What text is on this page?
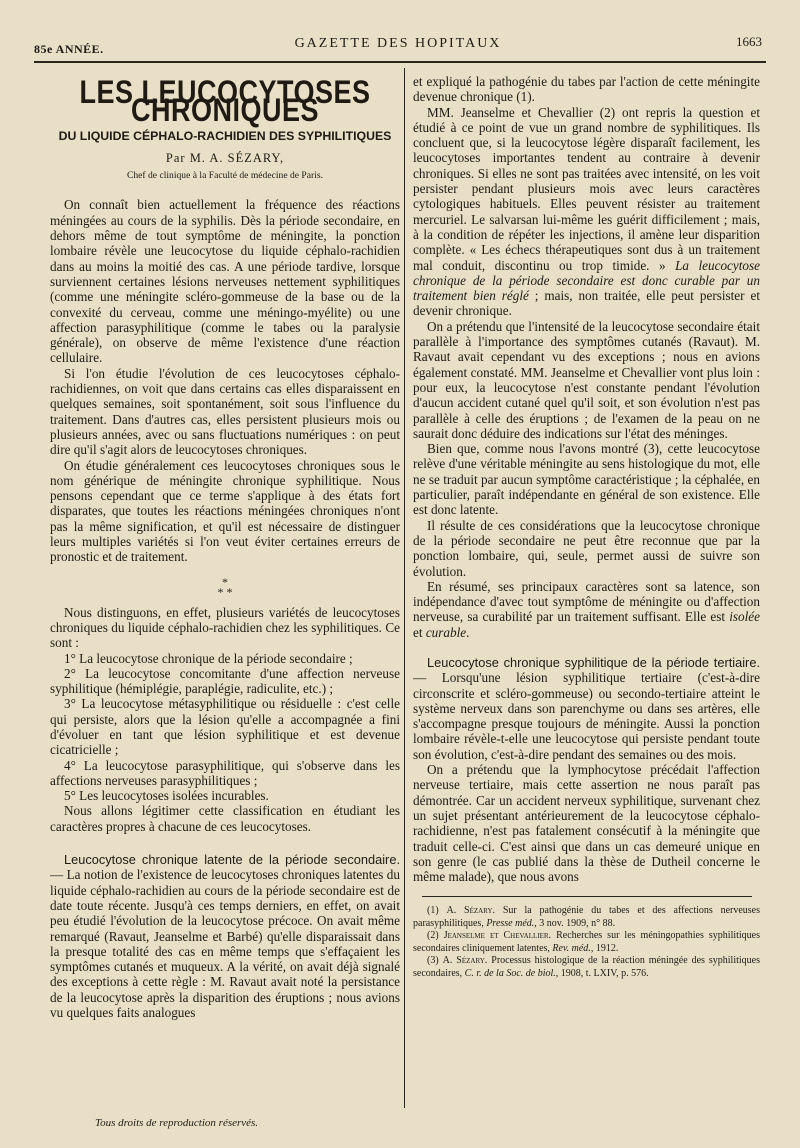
85e ANNÉE.	GAZETTE DES HOPITAUX	1663
LES LEUCOCYTOSES CHRONIQUES
DU LIQUIDE CÉPHALO-RACHIDIEN DES SYPHILITIQUES
Par M. A. SÉZARY,
Chef de clinique à la Faculté de médecine de Paris.

On connaît bien actuellement la fréquence des réactions méningées au cours de la syphilis. Dès la période secondaire, en dehors même de tout symptôme de méningite, la ponction lombaire révèle une leucocytose du liquide céphalo-rachidien dans au moins la moitié des cas. A une période tardive, lorsque surviennent certaines lésions nerveuses nettement syphilitiques (comme une méningite scléro-gommeuse de la base ou de la convexité du cerveau, comme une méningo-myélite) ou une affection parasyphilitique (comme le tabes ou la paralysie générale), on observe de même l'existence d'une réaction cellulaire.

Si l'on étudie l'évolution de ces leucocytoses céphalo-rachidiennes, on voit que dans certains cas elles disparaissent en quelques semaines, soit spontanément, soit sous l'influence du traitement. Dans d'autres cas, elles persistent plusieurs mois ou plusieurs années, avec ou sans fluctuations numériques : on peut dire qu'il s'agit alors de leucocytoses chroniques.

On étudie généralement ces leucocytoses chroniques sous le nom générique de méningite chronique syphilitique. Nous pensons cependant que ce terme s'applique à des états fort disparates, que toutes les réactions méningées chroniques n'ont pas la même signification, et qu'il est nécessaire de distinguer leurs multiples variétés si l'on veut éviter certaines erreurs de pronostic et de traitement.

*
* *

Nous distinguons, en effet, plusieurs variétés de leucocytoses chroniques du liquide céphalo-rachidien chez les syphilitiques. Ce sont :

1° La leucocytose chronique de la période secondaire ;

2° La leucocytose concomitante d'une affection nerveuse syphilitique (hémiplégie, paraplégie, radiculite, etc.) ;

3° La leucocytose métasyphilitique ou résiduelle : c'est celle qui persiste, alors que la lésion qu'elle a accompagnée a fini d'évoluer en tant que lésion syphilitique et est devenue cicatricielle ;

4° La leucocytose parasyphilitique, qui s'observe dans les affections nerveuses parasyphilitiques ;

5° Les leucocytoses isolées incurables.

Nous allons légitimer cette classification en étudiant les caractères propres à chacune de ces leucocytoses.

Leucocytose chronique latente de la période secondaire. — La notion de l'existence de leucocytoses chroniques latentes du liquide céphalo-rachidien au cours de la période secondaire est de date toute récente. Jusqu'à ces temps derniers, en effet, on avait peu étudié l'évolution de la leucocytose précoce. On avait même remarqué (Ravaut, Jeanselme et Barbé) qu'elle disparaissait dans la presque totalité des cas en même temps que s'effaçaient les symptômes cutanés et muqueux. A la vérité, on avait déjà signalé des exceptions à cette règle : M. Ravaut avait noté la persistance de la leucocytose après la disparition des éruptions ; nous avions vu quelques faits analogues

et expliqué la pathogénie du tabes par l'action de cette méningite devenue chronique (1).

MM. Jeanselme et Chevallier (2) ont repris la question et étudié à ce point de vue un grand nombre de syphilitiques. Ils concluent que, si la leucocytose légère disparaît facilement, les leucocytoses importantes tendent au contraire à devenir chroniques. Si elles ne sont pas traitées avec intensité, on les voit persister pendant plusieurs mois avec leurs caractères cytologiques habituels. Elles peuvent résister au traitement mercuriel. Le salvarsan lui-même les guérit difficilement ; mais, à la condition de répéter les injections, il amène leur disparition complète. « Les échecs thérapeutiques sont dus à un traitement mal conduit, discontinu ou trop timide. » La leucocytose chronique de la période secondaire est donc curable par un traitement bien réglé ; mais, non traitée, elle peut persister et devenir chronique.

On a prétendu que l'intensité de la leucocytose secondaire était parallèle à l'importance des symptômes cutanés (Ravaut). M. Ravaut avait cependant vu des exceptions ; nous en avions également constaté. MM. Jeanselme et Chevallier vont plus loin : pour eux, la leucocytose n'est constante pendant l'évolution d'aucun accident cutané quel qu'il soit, et son évolution n'est pas parallèle à celle des éruptions ; de l'examen de la peau on ne saurait donc déduire des indications sur l'état des méninges.

Bien que, comme nous l'avons montré (3), cette leucocytose relève d'une véritable méningite au sens histologique du mot, elle ne se traduit par aucun symptôme caractéristique ; la céphalée, en particulier, paraît indépendante en général de son existence. Elle est donc latente.

Il résulte de ces considérations que la leucocytose chronique de la période secondaire ne peut être reconnue que par la ponction lombaire, qui, seule, permet aussi de suivre son évolution.

En résumé, ses principaux caractères sont sa latence, son indépendance d'avec tout symptôme de méningite ou d'affection nerveuse, sa curabilité par un traitement suffisant. Elle est isolée et curable.

Leucocytose chronique syphilitique de la période tertiaire. — Lorsqu'une lésion syphilitique tertiaire (c'est-à-dire circonscrite et scléro-gommeuse) ou secondo-tertiaire atteint le système nerveux dans son parenchyme ou dans ses artères, elle s'accompagne presque toujours de méningite. Aussi la ponction lombaire révèle-t-elle une leucocytose qui persiste pendant toute son évolution, c'est-à-dire pendant des semaines ou des mois.

On a prétendu que la lymphocytose précédait l'affection nerveuse tertiaire, mais cette assertion ne nous paraît pas démontrée. Car un accident nerveux syphilitique, survenant chez un sujet présentant antérieurement de la leucocytose céphalo-rachidienne, n'est pas fatalement consécutif à la méningite que traduit celle-ci. C'est ainsi que dans un cas demeuré unique en son genre (le cas publié dans la thèse de Dutheil concerne le même malade), que nous avons

(1) A. Sézary. Sur la pathogénie du tabes et des affections nerveuses parasyphilitiques, Presse méd., 3 nov. 1909, n° 88.

(2) Jeanselme et Chevallier. Recherches sur les méningopathies syphilitiques secondaires cliniquement latentes, Rev. méd., 1912.

(3) A. Sézary. Processus histologique de la réaction méningée des syphilitiques secondaires, C. r. de la Soc. de biol., 1908, t. LXIV, p. 576.

Tous droits de reproduction réservés.
